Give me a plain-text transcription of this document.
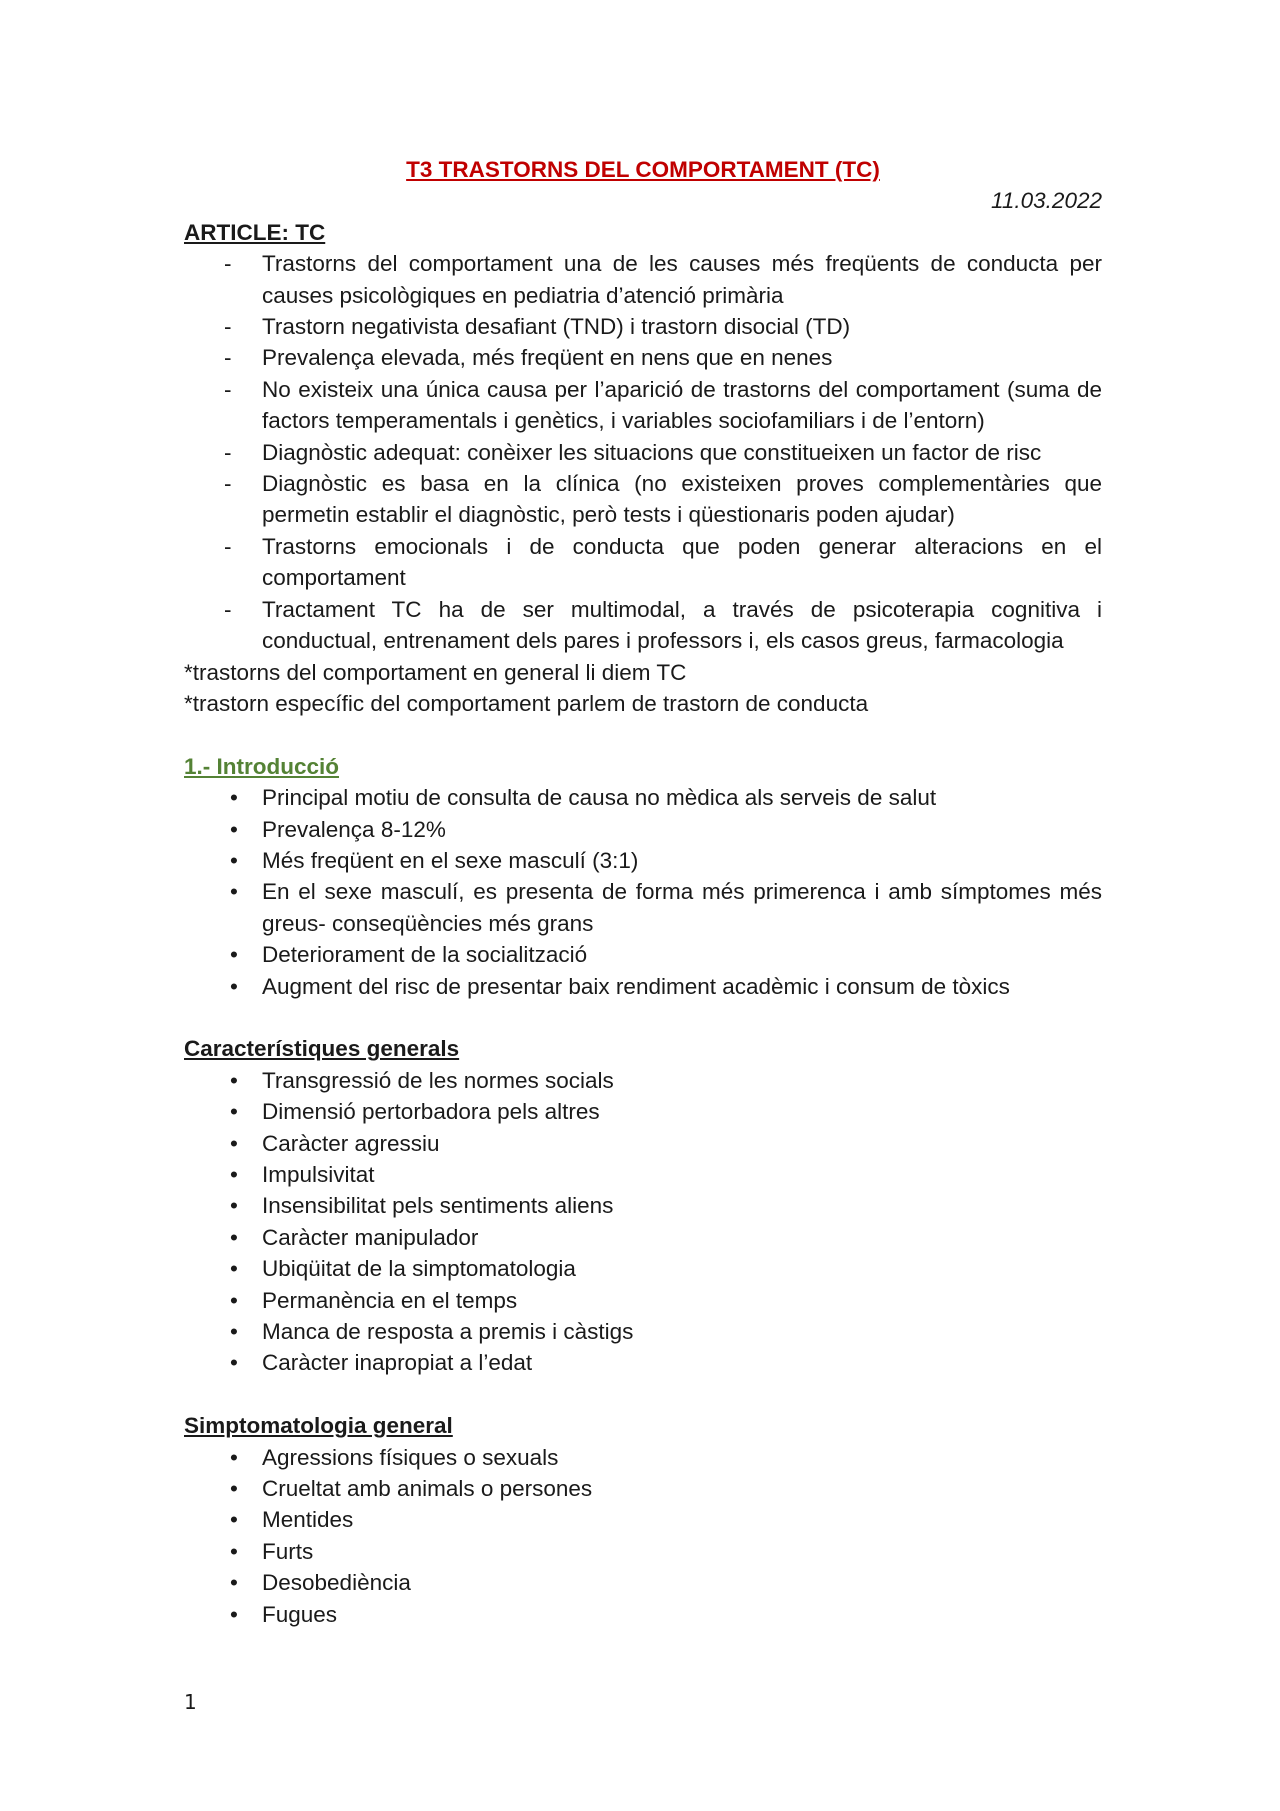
T3 TRASTORNS DEL COMPORTAMENT (TC)

11.03.2022

ARTICLE: TC

-	Trastorns del comportament una de les causes més freqüents de conducta per causes psicològiques en pediatria d’atenció primària
-	Trastorn negativista desafiant (TND) i trastorn disocial (TD)
-	Prevalença elevada, més freqüent en nens que en nenes
-	No existeix una única causa per l’aparició de trastorns del comportament (suma de factors temperamentals i genètics, i variables sociofamiliars i de l’entorn)
-	Diagnòstic adequat: conèixer les situacions que constitueixen un factor de risc
-	Diagnòstic es basa en la clínica (no existeixen proves complementàries que permetin establir el diagnòstic, però tests i qüestionaris poden ajudar)
-	Trastorns emocionals i de conducta que poden generar alteracions en el comportament
-	Tractament TC ha de ser multimodal, a través de psicoterapia cognitiva i conductual, entrenament dels pares i professors i, els casos greus, farmacologia

*trastorns del comportament en general li diem TC

*trastorn específic del comportament parlem de trastorn de conducta

1.- Introducció

•	Principal motiu de consulta de causa no mèdica als serveis de salut
•	Prevalença 8-12%
•	Més freqüent en el sexe masculí (3:1)
•	En el sexe masculí, es presenta de forma més primerenca i amb símptomes més greus- conseqüències més grans
•	Deteriorament de la socialització
•	Augment del risc de presentar baix rendiment acadèmic i consum de tòxics

Característiques generals

•	Transgressió de les normes socials
•	Dimensió pertorbadora pels altres
•	Caràcter agressiu
•	Impulsivitat
•	Insensibilitat pels sentiments aliens
•	Caràcter manipulador
•	Ubiqüitat de la simptomatologia
•	Permanència en el temps
•	Manca de resposta a premis i càstigs
•	Caràcter inapropiat a l’edat

Simptomatologia general

•	Agressions físiques o sexuals
•	Crueltat amb animals o persones
•	Mentides
•	Furts
•	Desobediència
•	Fugues
1
